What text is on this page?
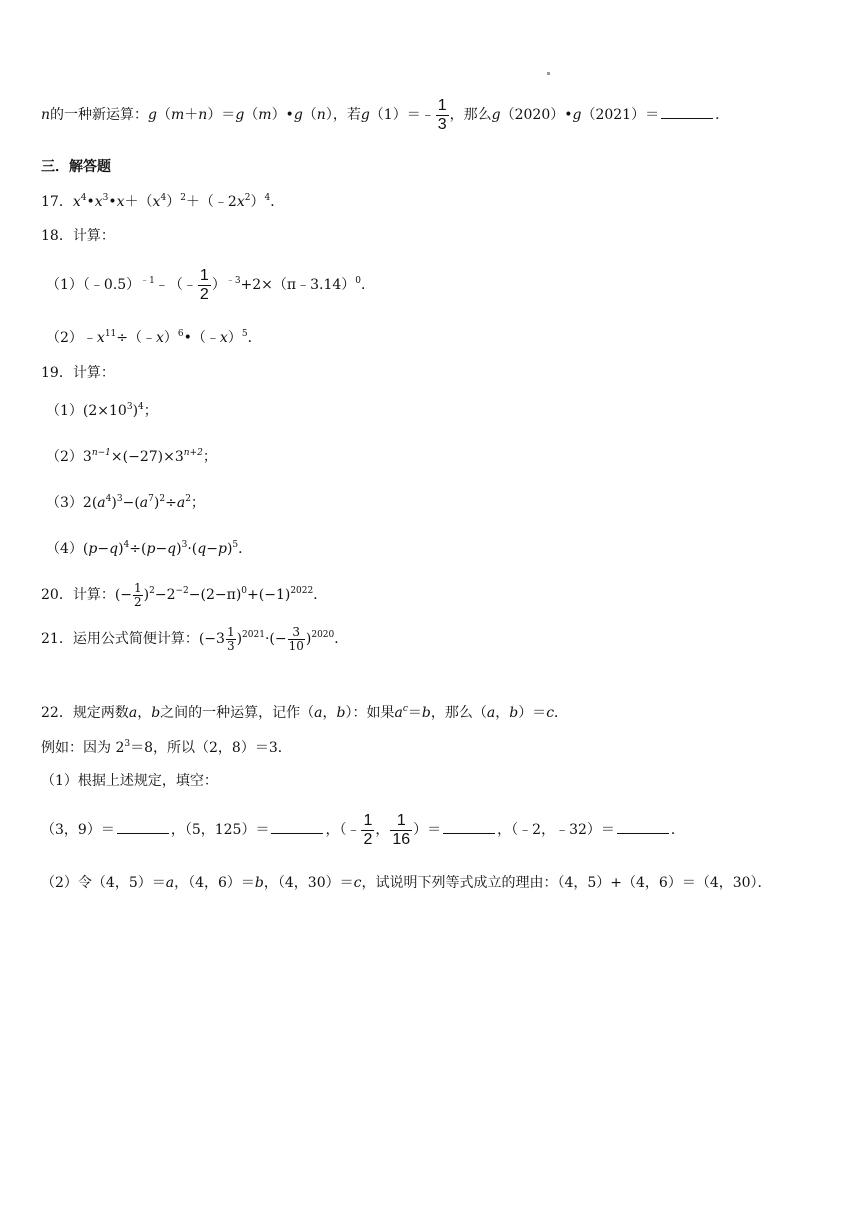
n的一种新运算：g（m＋n）＝g（m）•g（n），若g（1）＝﹣ $\frac{1}{3}$ ，那么g（2020）•g（2021）＝	．
三．解答题
17．$x^4•x^3•x+(x^4)^2+(﹣2x^2)^4$．
18．计算：
（1）（﹣0.5）$^{﹣1}$﹣（﹣ $\frac{1}{2}$ ）$^{﹣3}$+2×（π﹣3.14）$^0$．
$(2)﹣x^{11}\div(﹣x)^6•(﹣x)^5$．
19．计算：
$(1)(2\times 10^3)^4$；
$(2)3^{n-1}\times(-27)\times 3^{n+2}$；
$(3)2(a^4)^3-(a^7)^2\div a^2$；
$(4)(p-q)^4\div(p-q)^3\cdot(q-p)^5$．
20．计算：(− $\frac{1}{2} )^2-2^{-2}-(2-\pi)^0+(-1)^{2022}$．
21．运用公式简便计算：$(-3 \frac{1}{3} )^{2021}\cdot(- \frac{3}{10} )^{2020}$．
22．规定两数a，b之间的一种运算，记作（a，b）：如果$a^c=b$，那么（a，b）＝c．
例如：因为 $2^3=8$，所以（2，8）＝3．
（1）根据上述规定，填空：
（3，9）＝	，（5，125）＝	，（﹣ $\frac{1}{2}$ ， $\frac{1}{16}$ ）＝	，（﹣2，﹣32）＝	．
（2）令（4，5）＝a，（4，6）＝b，（4，30）＝c，试说明下列等式成立的理由：（4，5）+（4，6）＝（4，30）．
